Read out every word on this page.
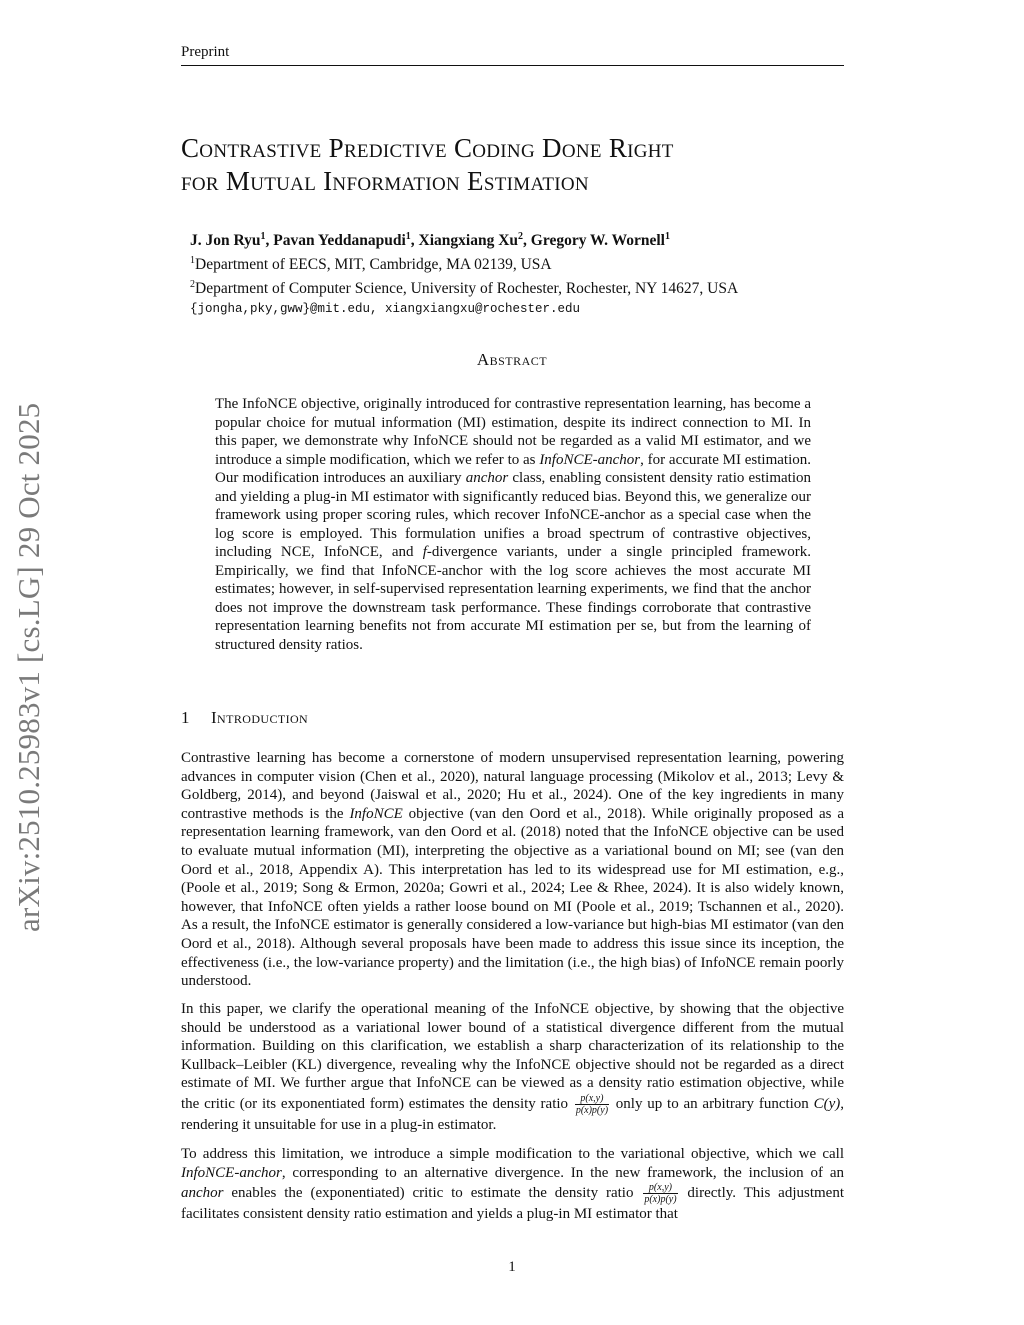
Preprint
arXiv:2510.25983v1 [cs.LG] 29 Oct 2025
Contrastive Predictive Coding Done Right
for Mutual Information Estimation
J. Jon Ryu$^1$, Pavan Yeddanapudi$^1$, Xiangxiang Xu$^2$, Gregory W. Wornell$^1$
$^1$Department of EECS, MIT, Cambridge, MA 02139, USA
$^2$Department of Computer Science, University of Rochester, Rochester, NY 14627, USA
{jongha,pky,gww}@mit.edu, xiangxiangxu@rochester.edu
Abstract
The InfoNCE objective, originally introduced for contrastive representation learning, has become a popular choice for mutual information (MI) estimation, despite its indirect connection to MI. In this paper, we demonstrate why InfoNCE should not be regarded as a valid MI estimator, and we introduce a simple modification, which we refer to as InfoNCE-anchor, for accurate MI estimation. Our modification introduces an auxiliary anchor class, enabling consistent density ratio estimation and yielding a plug-in MI estimator with significantly reduced bias. Beyond this, we generalize our framework using proper scoring rules, which recover InfoNCE-anchor as a special case when the log score is employed. This formulation unifies a broad spectrum of contrastive objectives, including NCE, InfoNCE, and f-divergence variants, under a single principled framework. Empirically, we find that InfoNCE-anchor with the log score achieves the most accurate MI estimates; however, in self-supervised representation learning experiments, we find that the anchor does not improve the downstream task performance. These findings corroborate that contrastive representation learning benefits not from accurate MI estimation per se, but from the learning of structured density ratios.
1 Introduction
Contrastive learning has become a cornerstone of modern unsupervised representation learning, powering advances in computer vision (Chen et al., 2020), natural language processing (Mikolov et al., 2013; Levy & Goldberg, 2014), and beyond (Jaiswal et al., 2020; Hu et al., 2024). One of the key ingredients in many contrastive methods is the InfoNCE objective (van den Oord et al., 2018). While originally proposed as a representation learning framework, van den Oord et al. (2018) noted that the InfoNCE objective can be used to evaluate mutual information (MI), interpreting the objective as a variational bound on MI; see (van den Oord et al., 2018, Appendix A). This interpretation has led to its widespread use for MI estimation, e.g., (Poole et al., 2019; Song & Ermon, 2020a; Gowri et al., 2024; Lee & Rhee, 2024). It is also widely known, however, that InfoNCE often yields a rather loose bound on MI (Poole et al., 2019; Tschannen et al., 2020). As a result, the InfoNCE estimator is generally considered a low-variance but high-bias MI estimator (van den Oord et al., 2018). Although several proposals have been made to address this issue since its inception, the effectiveness (i.e., the low-variance property) and the limitation (i.e., the high bias) of InfoNCE remain poorly understood.
In this paper, we clarify the operational meaning of the InfoNCE objective, by showing that the objective should be understood as a variational lower bound of a statistical divergence different from the mutual information. Building on this clarification, we establish a sharp characterization of its relationship to the Kullback–Leibler (KL) divergence, revealing why the InfoNCE objective should not be regarded as a direct estimate of MI. We further argue that InfoNCE can be viewed as a density ratio estimation objective, while the critic (or its exponentiated form) estimates the density ratio $\frac{p(x,y)}{p(x)p(y)}$ only up to an arbitrary function C(y), rendering it unsuitable for use in a plug-in estimator.
To address this limitation, we introduce a simple modification to the variational objective, which we call InfoNCE-anchor, corresponding to an alternative divergence. In the new framework, the inclusion of an anchor enables the (exponentiated) critic to estimate the density ratio $\frac{p(x,y)}{p(x)p(y)}$ directly. This adjustment facilitates consistent density ratio estimation and yields a plug-in MI estimator that
1
